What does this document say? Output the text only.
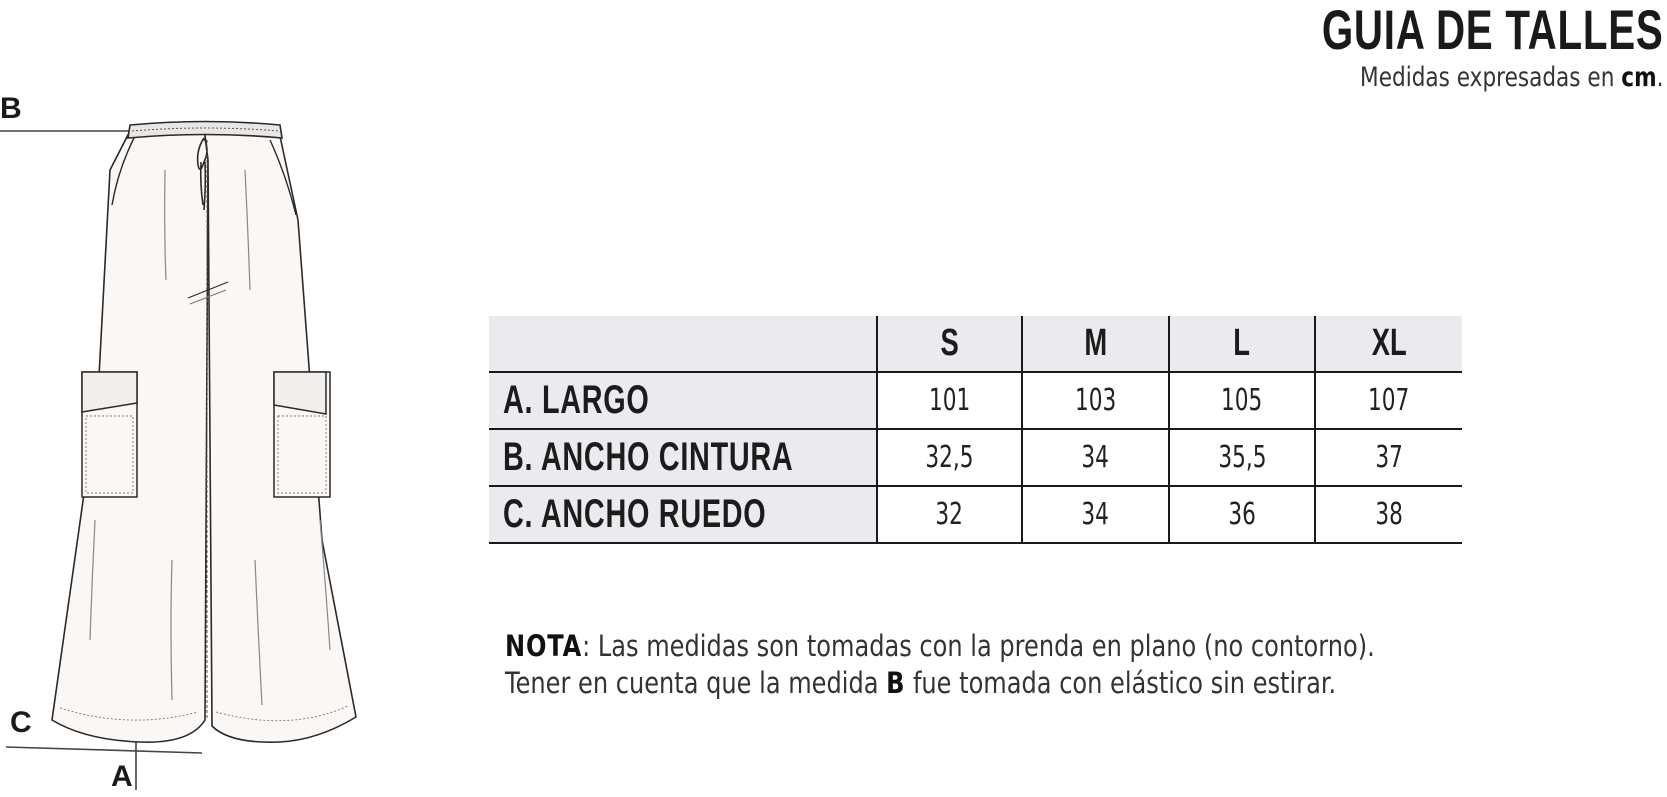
GUIA DE TALLES
Medidas expresadas en cm.
B
C
A
	S	M	L	XL
A. LARGO	101	103	105	107
B. ANCHO CINTURA	32,5	34	35,5	37
C. ANCHO RUEDO	32	34	36	38
NOTA: Las medidas son tomadas con la prenda en plano (no contorno).
Tener en cuenta que la medida B fue tomada con elástico sin estirar.
